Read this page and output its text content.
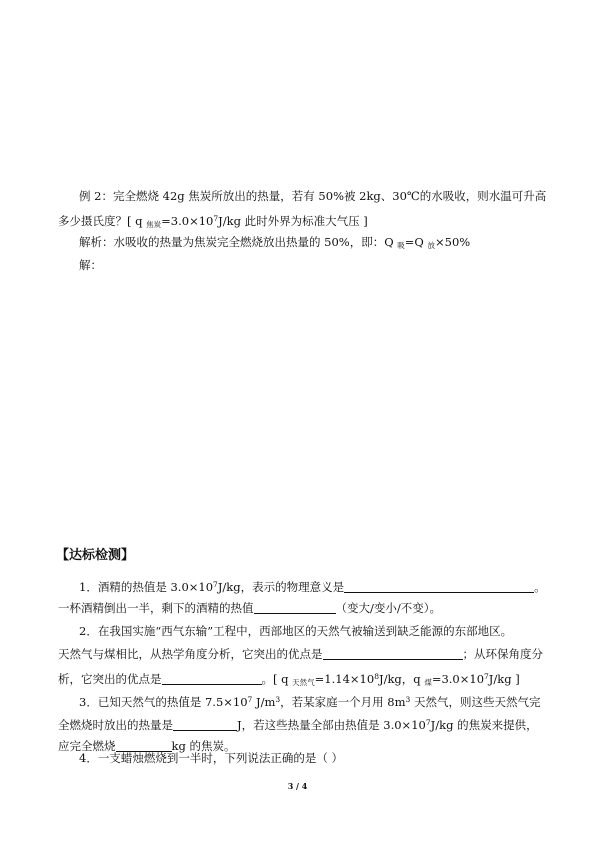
例 2：完全燃烧 42g 焦炭所放出的热量，若有 50%被 2kg、30℃的水吸收，则水温可升高
多少摄氏度？[ q $_{焦炭}=3.0\times 10^7J/kg$ 此时外界为标准大气压 ]
解析：水吸收的热量为焦炭完全燃烧放出热量的 50%，即：Q $_吸$=Q $_放$×50%
解：
【达标检测】
1．酒精的热值是 $3.0\times 10^7J/kg$，表示的物理意义是	。
一杯酒精倒出一半，剩下的酒精的热值	（变大/变小/不变）。
2．在我国实施“西气东输”工程中，西部地区的天然气被输送到缺乏能源的东部地区。
天然气与煤相比，从热学角度分析，它突出的优点是	；从环保角度分
析，它突出的优点是	。[ q $_{天然气}=1.14\times 10^8J/kg$，q $_煤=3.0\times 10^7J/kg$ ]
3．已知天然气的热值是 $7.5\times 10^7$ $J/m^3$，若某家庭一个月用 $8m^3$ 天然气，则这些天然气完
全燃烧时放出的热量是	J，若这些热量全部由热值是 $3.0\times 10^7J/kg$ 的焦炭来提供，
应完全燃烧	kg 的焦炭。
4．一支蜡烛燃烧到一半时，下列说法正确的是（ ）
3 / 4
